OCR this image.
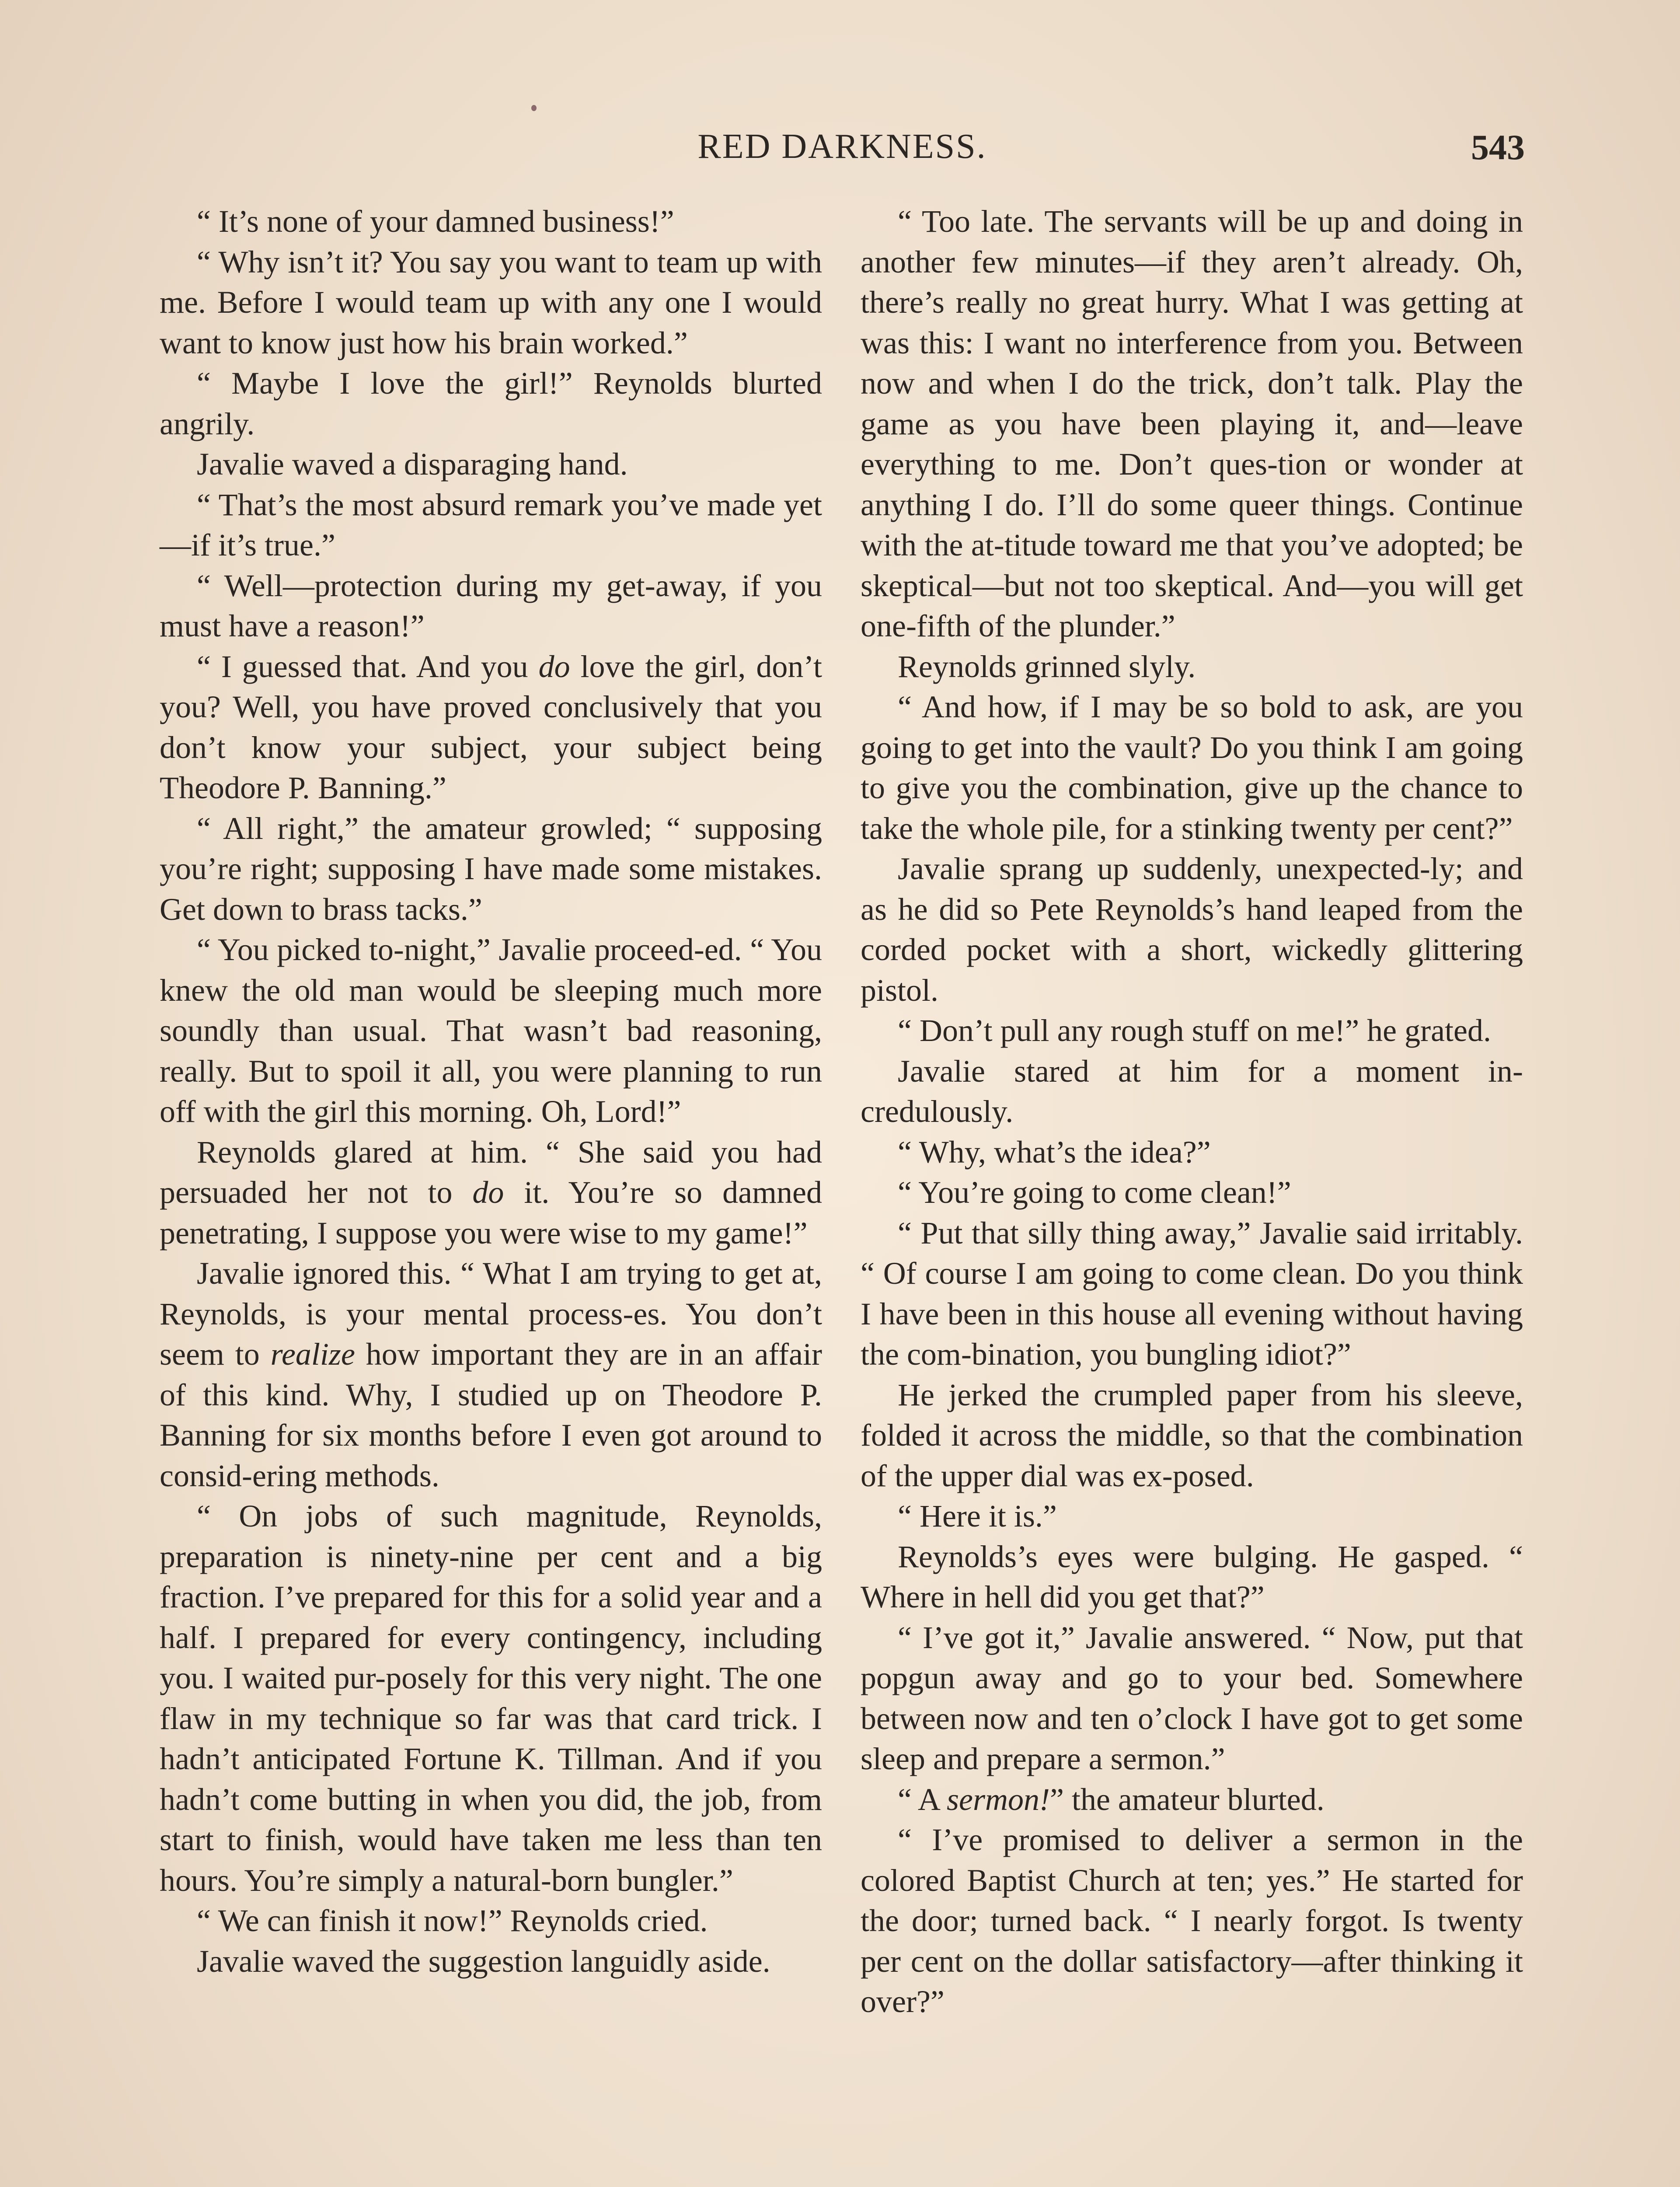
RED DARKNESS.	543

“ It’s none of your damned business!”

“ Why isn’t it? You say you want to team up with me. Before I would team up with any one I would want to know just how his brain worked.”

“ Maybe I love the girl!” Reynolds blurted angrily.

Javalie waved a disparaging hand.

“ That’s the most absurd remark you’ve made yet—if it’s true.”

“ Well—protection during my get-away, if you must have a reason!”

“ I guessed that. And you do love the girl, don’t you? Well, you have proved conclusively that you don’t know your subject, your subject being Theodore P. Banning.”

“ All right,” the amateur growled; “ supposing you’re right; supposing I have made some mistakes. Get down to brass tacks.”

“ You picked to-night,” Javalie proceed-ed. “ You knew the old man would be sleeping much more soundly than usual. That wasn’t bad reasoning, really. But to spoil it all, you were planning to run off with the girl this morning. Oh, Lord!”

Reynolds glared at him. “ She said you had persuaded her not to do it. You’re so damned penetrating, I suppose you were wise to my game!”

Javalie ignored this. “ What I am trying to get at, Reynolds, is your mental process-es. You don’t seem to realize how important they are in an affair of this kind. Why, I studied up on Theodore P. Banning for six months before I even got around to consid-ering methods.

“ On jobs of such magnitude, Reynolds, preparation is ninety-nine per cent and a big fraction. I’ve prepared for this for a solid year and a half. I prepared for every contingency, including you. I waited pur-posely for this very night. The one flaw in my technique so far was that card trick. I hadn’t anticipated Fortune K. Tillman. And if you hadn’t come butting in when you did, the job, from start to finish, would have taken me less than ten hours. You’re simply a natural-born bungler.”

“ We can finish it now!” Reynolds cried.

Javalie waved the suggestion languidly aside.

“ Too late. The servants will be up and doing in another few minutes—if they aren’t already. Oh, there’s really no great hurry. What I was getting at was this: I want no interference from you. Between now and when I do the trick, don’t talk. Play the game as you have been playing it, and—leave everything to me. Don’t ques-tion or wonder at anything I do. I’ll do some queer things. Continue with the at-titude toward me that you’ve adopted; be skeptical—but not too skeptical. And—you will get one-fifth of the plunder.”

Reynolds grinned slyly.

“ And how, if I may be so bold to ask, are you going to get into the vault? Do you think I am going to give you the combination, give up the chance to take the whole pile, for a stinking twenty per cent?”

Javalie sprang up suddenly, unexpected-ly; and as he did so Pete Reynolds’s hand leaped from the corded pocket with a short, wickedly glittering pistol.

“ Don’t pull any rough stuff on me!” he grated.

Javalie stared at him for a moment in-credulously.

“ Why, what’s the idea?”

“ You’re going to come clean!”

“ Put that silly thing away,” Javalie said irritably. “ Of course I am going to come clean. Do you think I have been in this house all evening without having the com-bination, you bungling idiot?”

He jerked the crumpled paper from his sleeve, folded it across the middle, so that the combination of the upper dial was ex-posed.

“ Here it is.”

Reynolds’s eyes were bulging. He gasped. “ Where in hell did you get that?”

“ I’ve got it,” Javalie answered. “ Now, put that popgun away and go to your bed. Somewhere between now and ten o’clock I have got to get some sleep and prepare a sermon.”

“ A sermon!” the amateur blurted.

“ I’ve promised to deliver a sermon in the colored Baptist Church at ten; yes.” He started for the door; turned back. “ I nearly forgot. Is twenty per cent on the dollar satisfactory—after thinking it over?”
